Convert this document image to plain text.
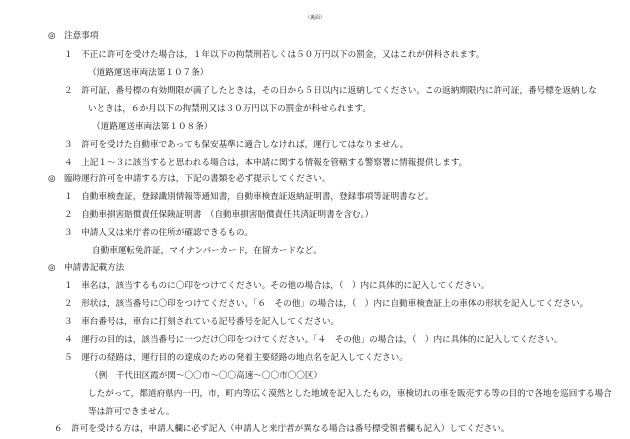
（裏面）
◎　注意事項
１　不正に許可を受けた場合は，１年以下の拘禁刑若しくは５０万円以下の罰金，又はこれが併科されます。
（道路運送車両法第１０７条）
２　許可証，番号標の有効期限が満了したときは，その日から５日以内に返納してください。この返納期限内に許可証，番号標を返納しな
いときは，６か月以下の拘禁刑又は３０万円以下の罰金が科せられます。
（道路運送車両法第１０８条）
３　許可を受けた自動車であっても保安基準に適合しなければ，運行してはなりません。
４　上記１～３に該当すると思われる場合は，本申請に関する情報を管轄する警察署に情報提供します。
◎　臨時運行許可を申請する方は，下記の書類を必ず提示してください。
１　自動車検査証，登録識別情報等通知書，自動車検査証返納証明書，登録事項等証明書など。
２　自動車損害賠償責任保険証明書　（自動車損害賠償責任共済証明書を含む。）
３　申請人又は来庁者の住所が確認できるもの。
自動車運転免許証，マイナンバーカード，在留カードなど。
◎　申請書記載方法
１　車名は，該当するものに〇印をつけてください。その他の場合は，（　）内に具体的に記入してください。
２　形状は，該当番号に〇印をつけてください。「６　その他」の場合は，（　）内に自動車検査証上の車体の形状を記入してください。
３　車台番号は，車台に打刻されている記号番号を記入してください。
４　運行の目的は，該当番号に一つだけ〇印をつけてください。「４　その他」の場合は，（　）内に具体的に記入してください。
５　運行の経路は，運行目的の達成のための発着主要経路の地点名を記入してください。
（例　千代田区霞が関～〇〇市～〇〇高速～〇〇市〇〇区）
したがって，都道府県内一円，市，町内等広く漠然とした地域を記入したもの，車検切れの車を販売する等の目的で各地を巡回する場合
等は許可できません。
６　許可を受ける方は，申請人欄に必ず記入（申請人と来庁者が異なる場合は番号標受領者欄も記入）してください。
